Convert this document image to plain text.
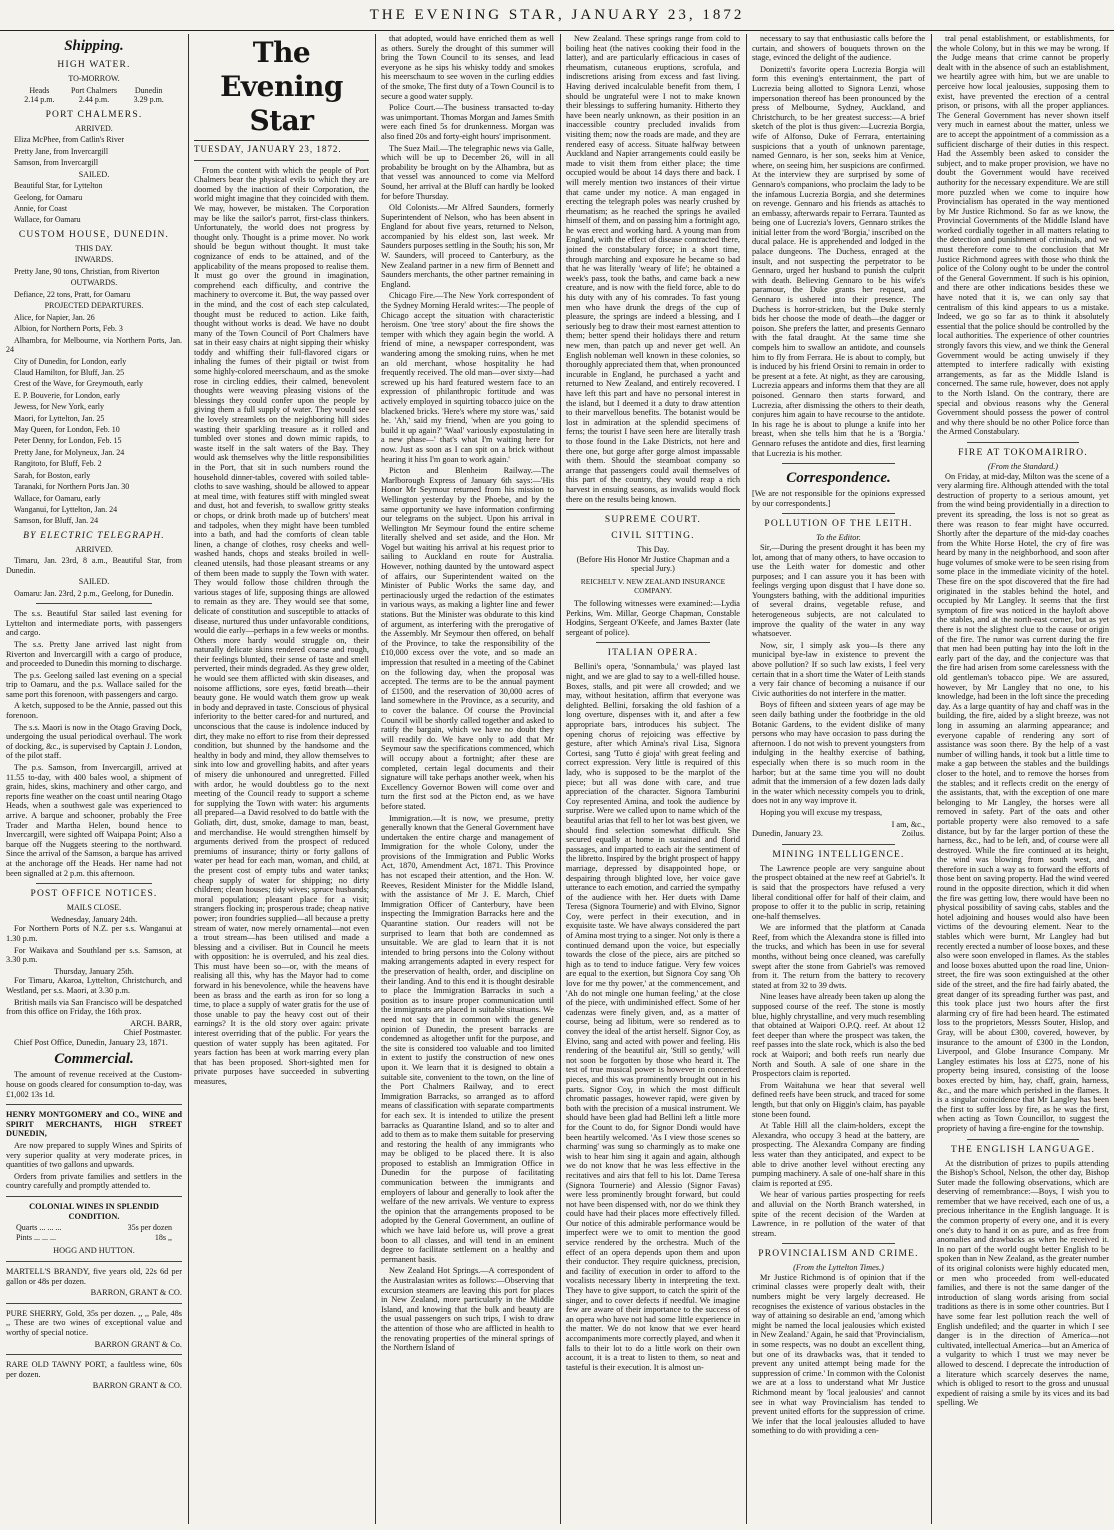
THE EVENING STAR, JANUARY 23, 1872
Shipping.
HIGH WATER.
TO-MORROW.
Heads
2.14 p.m.
Port Chalmers
2.44 p.m.
Dunedin
3.29 p.m.
PORT CHALMERS.
ARRIVED.

Eliza McPhee, from Catlin's River

Pretty Jane, from Invercargill

Samson, from Invercargill

SAILED.

Beautiful Star, for Lyttelton

Geelong, for Oamaru

Annie, for Coast

Wallace, for Oamaru

CUSTOM HOUSE, DUNEDIN.
THIS DAY.
INWARDS.

Pretty Jane, 90 tons, Christian, from Riverton

OUTWARDS.

Defiance, 22 tons, Pratt, for Oamaru

PROJECTED DEPARTURES.

Alice, for Napier, Jan. 26

Albion, for Northern Ports, Feb. 3

Alhambra, for Melbourne, via Northern Ports, Jan. 24

City of Dunedin, for London, early

Claud Hamilton, for Bluff, Jan. 25

Crest of the Wave, for Greymouth, early

E. P. Bouverie, for London, early

Jewess, for New York, early

Maori, for Lyttelton, Jan. 25

May Queen, for London, Feb. 10

Peter Denny, for London, Feb. 15

Pretty Jane, for Molyneux, Jan. 24

Rangitoto, for Bluff, Feb. 2

Sarah, for Boston, early

Taranaki, for Northern Ports Jan. 30

Wallace, for Oamaru, early

Wanganui, for Lyttelton, Jan. 24

Samson, for Bluff, Jan. 24

BY ELECTRIC TELEGRAPH.
ARRIVED.

Timaru, Jan. 23rd, 8 a.m., Beautiful Star, from Dunedin.

SAILED.

Oamaru: Jan. 23rd, 2 p.m., Geelong, for Dunedin.

The s.s. Beautiful Star sailed last evening for Lyttelton and intermediate ports, with passengers and cargo.

The s.s. Pretty Jane arrived last night from Riverton and Invercargill with a cargo of produce, and proceeded to Dunedin this morning to discharge.

The p.s. Geelong sailed last evening on a special trip to Oamaru, and the p.s. Wallace sailed for the same port this forenoon, with passengers and cargo.

A ketch, supposed to be the Annie, passed out this forenoon.

The s.s. Maori is now in the Otago Graving Dock, undergoing the usual periodical overhaul. The work of docking, &c., is supervised by Captain J. London, of the pilot staff.

The p.s. Samson, from Invercargill, arrived at 11.55 to-day, with 400 bales wool, a shipment of grain, hides, skins, machinery and other cargo, and reports fine weather on the coast until nearing Otago Heads, when a southwest gale was experienced to arrive. A barque and schooner, probably the Free Trader and Martha Helen, bound hence to Invercargill, were sighted off Waipapa Point; Also a barque off the Nuggets steering to the northward. Since the arrival of the Samson, a barque has arrived at the anchorage off the Heads. Her name had not been signalled at 2 p.m. this afternoon.

POST OFFICE NOTICES.
MAILS CLOSE.
Wednesday, January 24th.

For Northern Ports of N.Z. per s.s. Wanganui at 1.30 p.m.

For Waikava and Southland per s.s. Samson, at 3.30 p.m.

Thursday, January 25th.

For Timaru, Akaroa, Lyttelton, Christchurch, and Westland, per s.s. Maori, at 3.30 p.m.

British mails via San Francisco will be despatched from this office on Friday, the 16th prox.

ARCH. BARR,
Chief Postmaster.

Chief Post Office, Dunedin, January 23, 1871.

Commercial.

The amount of revenue received at the Custom-house on goods cleared for consumption to-day, was £1,002 13s 1d.

HENRY MONTGOMERY and CO., WINE and SPIRIT MERCHANTS, HIGH STREET DUNEDIN,

Are now prepared to supply Wines and Spirits of very superior quality at very moderate prices, in quantities of two gallons and upwards.

Orders from private families and settlers in the country carefully and promptly attended to.

COLONIAL WINES IN SPLENDID CONDITION.

Quarts ... ... ...	35s per dozen
Pints ... ... ...	18s ,,
HOGG AND HUTTON.

MARTELL'S BRANDY, five years old, 22s 6d per gallon or 48s per dozen.

BARRON, GRANT & CO.

PURE SHERRY, Gold, 35s per dozen. ,, ,, Pale, 48s ,, These are two wines of exceptional value and worthy of special notice.

BARRON GRANT & Co.

RARE OLD TAWNY PORT, a faultless wine, 60s per dozen.

BARRON GRANT & CO.
The Evening Star
TUESDAY, JANUARY 23, 1872.

From the content with which the people of Port Chalmers bear the physical evils to which they are doomed by the inaction of their Corporation, the world might imagine that they coincided with them. We may, however, be mistaken. The Corporation may be like the sailor's parrot, first-class thinkers. Unfortunately, the world does not progress by thought only. Thought is a prime mover. No work should be begun without thought. It must take cognizance of ends to be attained, and of the applicability of the means proposed to realise them. It must go over the ground in imagination, comprehend each difficulty, and contrive the machinery to overcome it. But, the way passed over in the mind, and the cost of each step calculated, thought must be reduced to action. Like faith, thought without works is dead. We have no doubt many of the Town Council of Port Chalmers have sat in their easy chairs at night sipping their whisky toddy and whiffing their full-flavored cigars or inhaling the fumes of their pigtail or twist from some highly-colored meerschaum, and as the smoke rose in circling eddies, their calmed, benevolent thoughts were weaving pleasing visions of the blessings they could confer upon the people by giving them a full supply of water. They would see the lovely streamlets on the neighboring hill sides wasting their sparkling treasure as it rolled and tumbled over stones and down mimic rapids, to waste itself in the salt waters of the Bay. They would ask themselves why the little responsibilities in the Port, that sit in such numbers round the household dinner-tables, covered with soiled table-cloths to save washing, should be allowed to appear at meal time, with features stiff with mingled sweat and dust, hot and feverish, to swallow gritty steaks or chops, or drink broth made up of butchers' meat and tadpoles, when they might have been tumbled into a bath, and had the comforts of clean table linen, a change of clothes, rosy cheeks and well-washed hands, chops and steaks broiled in well-cleaned utensils, had those pleasant streams or any of them been made to supply the Town with water. They would follow those children through the various stages of life, supposing things are allowed to remain as they are. They would see that some, delicate of constitution and susceptible to attacks of disease, nurtured thus under unfavorable conditions, would die early—perhaps in a few weeks or months. Others more hardy would struggle on, their naturally delicate skins rendered coarse and rough, their feelings blunted, their sense of taste and smell perverted, their minds degraded. As they grew older, he would see them afflicted with skin diseases, and noisome afflictions, sore eyes, fœtid breath—their beauty gone. He would watch them grow up weak in body and depraved in taste. Conscious of physical inferiority to the better cared-for and nurtured, and unconscious that the cause is indolence induced by dirt, they make no effort to rise from their depressed condition, but shunned by the handsome and the healthy in body and mind, they allow themselves to sink into low and grovelling habits, and after years of misery die unhonoured and unregretted. Filled with ardor, he would doubtless go to the next meeting of the Council ready to support a scheme for supplying the Town with water: his arguments all prepared—a David resolved to do battle with the Goliath, dirt, dust, smoke, damage to man, beast, and merchandise. He would strengthen himself by arguments derived from the prospect of reduced premiums of insurance; thirty or forty gallons of water per head for each man, woman, and child, at the present cost of empty tubs and water tanks; cheap supply of water for shipping; no dirty children; clean houses; tidy wives; spruce husbands; moral population; pleasant place for a visit; strangers flocking in; prosperous trade; cheap native power; iron foundries supplied—all because a pretty stream of water, now merely ornamental—not even a trout stream—has been utilised and made a blessing and a civiliser. But in Council he meets with opposition: he is overruled, and his zeal dies. This must have been so—or, with the means of realising all this, why has the Mayor had to come forward in his benevolence, while the heavens have been as brass and the earth as iron for so long a time, to place a supply of water gratis for the use of those unable to pay the heavy cost out of their earnings? It is the old story over again: private interest overriding that of the public. For years the question of water supply has been agitated. For years faction has been at work marring every plan that has been proposed. Short-sighted men for private purposes have succeeded in subverting measures,

that adopted, would have enriched them as well as others. Surely the drought of this summer will bring the Town Council to its senses, and lead everyone as he sips his whisky toddy and smokes his meerschaum to see woven in the curling eddies of the smoke, The first duty of a Town Council is to secure a good water supply.

Police Court.—The business transacted to-day was unimportant. Thomas Morgan and James Smith were each fined 5s for drunkenness. Morgan was also fined 20s and forty-eight hours' imprisonment.

The Suez Mail.—The telegraphic news via Galle, which will be up to December 26, will in all probability be brought on by the Alhambra, but as that vessel was announced to come via Melford Sound, her arrival at the Bluff can hardly be looked for before Thursday.

Old Colonists.—Mr Alfred Saunders, formerly Superintendent of Nelson, who has been absent in England for about five years, returned to Nelson, accompanied by his eldest son, last week. Mr Saunders purposes settling in the South; his son, Mr W. Saunders, will proceed to Canterbury, as the New Zealand partner in a new firm of Bennett and Saunders merchants, the other partner remaining in England.

Chicago Fire.—The New York correspondent of the Sydney Morning Herald writes:—The people of Chicago accept the situation with characteristic heroism. One 'tree story' about the fire shows the temper with which they again begin the world. A friend of mine, a newspaper correspondent, was wandering among the smoking ruins, when he met an old merchant, whose hospitality he had frequently received. The old man—over sixty—had screwed up his hard featured western face to an expression of philanthropic fortitude and was actively employed in squirting tobacco juice on the blackened bricks. 'Here's where my store was,' said he. 'Ah,' said my friend, 'when are you going to build it up again?' 'Waal' variously expostulating in a new phase—' that's what I'm waiting here for now. Just as soon as I can spit on a brick without hearing it hiss I'm goan to work again.'

Picton and Blenheim Railway.—The Marlborough Express of January 6th says:—'His Honor Mr Seymour returned from his mission to Wellington yesterday by the Phoebe, and by the same opportunity we have information confirming our telegrams on the subject. Upon his arrival in Wellington Mr Seymour found the entire scheme literally shelved and set aside, and the Hon. Mr Vogel but waiting his arrival at his request prior to sailing to Auckland en route for Australia. However, nothing daunted by the untoward aspect of affairs, our Superintendent waited on the Minister of Public Works the same day, and pertinaciously urged the redaction of the estimates in various ways, as making a lighter line and fewer stations. But the Minister was obdurate to this kind of argument, as interfering with the prerogative of the Assembly. Mr Seymour then offered, on behalf of the Province, to take the responsibility of the £10,000 excess over the vote, and so made an impression that resulted in a meeting of the Cabinet on the following day, when the proposal was accepted. The terms are to be the annual payment of £1500, and the reservation of 30,000 acres of land somewhere in the Province, as a security, and to cover the balance. Of course the Provincial Council will be shortly called together and asked to ratify the bargain, which we have no doubt they will readily do. We have only to add that Mr Seymour saw the specifications commenced, which will occupy about a fortnight; after these are completed, certain legal documents and their signature will take perhaps another week, when his Excellency Governor Bowen will come over and turn the first sod at the Picton end, as we have before stated.

Immigration.—It is now, we presume, pretty generally known that the General Government have undertaken the entire charge and management of Immigration for the whole Colony, under the provisions of the Immigration and Public Works Act, 1870, Amendment Act, 1871. This Province has not escaped their attention, and the Hon. W. Reeves, Resident Minister for the Middle Island, with the assistance of Mr J. E. March, Chief Immigration Officer of Canterbury, have been inspecting the Immigration Barracks here and the Quarantine station. Our readers will not be surprised to learn that both are condemned as unsuitable. We are glad to learn that it is not intended to bring persons into the Colony without making arrangements adapted in every respect for the preservation of health, order, and discipline on their landing. And to this end it is thought desirable to place the Immigration Barracks in such a position as to insure proper communication until the immigrants are placed in suitable situations. We need not say that in common with the general opinion of Dunedin, the present barracks are condemned as altogether unfit for the purpose, and the site is considered too valuable and too limited in extent to justify the construction of new ones upon it. We learn that it is designed to obtain a suitable site, convenient to the town, on the line of the Port Chalmers Railway, and to erect Immigration Barracks, so arranged as to afford means of classification with separate compartments for each sex. It is intended to utilize the present barracks as Quarantine Island, and so to alter and add to them as to make them suitable for preserving and restoring the health of any immigrants who may be obliged to be placed there. It is also proposed to establish an Immigration Office in Dunedin for the purpose of facilitating communication between the immigrants and employers of labour and generally to look after the welfare of the new arrivals. We venture to express the opinion that the arrangements proposed to be adopted by the General Government, an outline of which we have laid before us, will prove a great boon to all classes, and will tend in an eminent degree to facilitate settlement on a healthy and permanent basis.

New Zealand Hot Springs.—A correspondent of the Australasian writes as follows:—Observing that excursion steamers are leaving this port for places in New Zealand, more particularly in the Middle Island, and knowing that the bulk and beauty are the usual passengers on such trips, I wish to draw the attention of those who are afflicted in health to the renovating properties of the mineral springs of the Northern Island of

New Zealand. These springs range from cold to boiling heat (the natives cooking their food in the latter), and are particularly efficacious in cases of rheumatism, cutaneous eruptions, scrofula, and indiscretions arising from excess and fast living. Having derived incalculable benefit from them, I should be ungrateful were I not to make known their blessings to suffering humanity. Hitherto they have been nearly unknown, as their position in an inaccessible country precluded invalids from visiting them; now the roads are made, and they are rendered easy of access. Situate halfway between Auckland and Napier arrangements could easily be made to visit them from either place; the time occupied would be about 14 days there and back. I will merely mention two instances of their virtue that came under my notice. A man engaged in erecting the telegraph poles was nearly crushed by rheumatism; as he reached the springs he availed himself of them, and on passing him a fortnight ago, he was erect and working hard. A young man from England, with the effect of disease contracted there, joined the constabulary force; in a short time, through marching and exposure he became so bad that he was literally 'weary of life'; he obtained a week's pass, took the baths, and came back a new creature, and is now with the field force, able to do his duty with any of his comrades. To fast young men who have drunk the dregs of the cup of pleasure, the springs are indeed a blessing, and I seriously beg to draw their most earnest attention to them; better spend their holidays there and return new men, than patch up and never get well. An English nobleman well known in these colonies, so thoroughly appreciated them that, when pronounced incurable in England, he purchased a yacht and returned to New Zealand, and entirely recovered. I have left this part and have no personal interest in the island, but I deemed it a duty to draw attention to their marvellous benefits. The botanist would be lost in admiration at the splendid specimens of ferns; the tourist I have seen here are literally trash to those found in the Lake Districts, not here and there one, but gorge after gorge almost impassable with them. Should the steamboat company so arrange that passengers could avail themselves of this part of the country, they would reap a rich harvest in ensuing seasons, as invalids would flock there on the results being known.

SUPREME COURT.
CIVIL SITTING.
This Day.
(Before His Honor Mr Justice Chapman and a special Jury.)
REICHELT V. NEW ZEALAND INSURANCE COMPANY.

The following witnesses were examined:—Lydia Perkins, Wm. Millar, George Chapman, Constable Hodgins, Sergeant O'Keefe, and James Baxter (late sergeant of police).

ITALIAN OPERA.

Bellini's opera, 'Sonnambula,' was played last night, and we are glad to say to a well-filled house. Boxes, stalls, and pit were all crowded; and we may, without hesitation, affirm that everyone was delighted. Bellini, forsaking the old fashion of a long overture, dispenses with it, and after a few appropriate bars, introduces his subject. The opening chorus of rejoicing was effective by gesture, after which Amina's rival Lisa, Signora Cortesi, sang 'Tutto é gioja' with great feeling and correct expression. Very little is required of this lady, who is supposed to be the marplot of the piece; but all was done with care, and true appreciation of the character. Signora Tamburini Coy represented Amina, and took the audience by surprise. Were we called upon to name which of the beautiful arias that fell to her lot was best given, we should find selection somewhat difficult. She secured equally at home in sustained and florid passages, and imparted to each air the sentiment of the libretto. Inspired by the bright prospect of happy marriage, depressed by disappointed hope, or despairing through blighted love, her voice gave utterance to each emotion, and carried the sympathy of the audience with her. Her duets with Dame Teresa (Signora Tournerie) and with Elvino, Signor Coy, were perfect in their execution, and in exquisite taste. We have always considered the part of Amina most trying to a singer. Not only is there a continued demand upon the voice, but especially towards the close of the piece, airs are pitched so high as to tend to induce fatigue. Very few voices are equal to the exertion, but Signora Coy sang 'Oh love for me thy power,' at the commencement, and 'Ah do not mingle one human feeling,' at the close of the piece, with undiminished effect. Some of her cadenzas were finely given, and, as a matter of course, being ad libitum, were so rendered as to convey the ideal of the artist herself. Signor Coy, as Elvino, sang and acted with power and feeling. His rendering of the beautiful air, 'Still so gently,' will not soon be forgotten by those who heard it. The test of true musical power is however in concerted pieces, and this was prominently brought out in his parts. Signor Coy, in which the most difficult chromatic passages, however rapid, were given by both with the precision of a musical instrument. We should have been glad had Bellini left a little more for the Count to do, for Signor Dondi would have been heartily welcomed. 'As I view those scenes so charming' was sung so charmingly as to make one wish to hear him sing it again and again, although we do not know that he was less effective in the recitatives and airs that fell to his lot. Dame Teresa (Signora Tournerie) and Alessio (Signor Favas) were less prominently brought forward, but could not have been dispensed with, nor do we think they could have had their places more effectively filled. Our notice of this admirable performance would be imperfect were we to omit to mention the good service rendered by the orchestra. Much of the effect of an opera depends upon them and upon their conductor. They require quickness, precision, and facility of execution in order to afford to the vocalists necessary liberty in interpreting the text. They have to give support, to catch the spirit of the singer, and to cover defects if needful. We imagine few are aware of their importance to the success of an opera who have not had some little experience in the matter. We do not know that we ever heard accompaniments more correctly played, and when it falls to their lot to do a little work on their own account, it is a treat to listen to them, so neat and tasteful is their execution. It is almost un-

necessary to say that enthusiastic calls before the curtain, and showers of bouquets thrown on the stage, evinced the delight of the audience.

Donizetti's favorite opera Lucrezia Borgia will form this evening's entertainment, the part of Lucrezia being allotted to Signora Lenzi, whose impersonation thereof has been pronounced by the press of Melbourne, Sydney, Auckland, and Christchurch, to be her greatest success:—A brief sketch of the plot is thus given:—Lucrezia Borgia, wife of Alfonso, Duke of Ferrara, entertaining suspicions that a youth of unknown parentage, named Gennaro, is her son, seeks him at Venice, where, on seeing him, her suspicions are confirmed. At the interview they are surprised by some of Gennaro's companions, who proclaim the lady to be the infamous Lucrezia Borgia, and she determines on revenge. Gennaro and his friends as attachés to an embassy, afterwards repair to Ferrara. Taunted as being one of Lucrezia's lovers, Gennaro strikes the initial letter from the word 'Borgia,' inscribed on the ducal palace. He is apprehended and lodged in the palace dungeons. The Duchess, enraged at the insult, and not suspecting the perpetrator to be Gennaro, urged her husband to punish the culprit with death. Believing Gennaro to be his wife's paramour, the Duke grants her request, and Gennaro is ushered into their presence. The Duchess is horror-stricken, but the Duke sternly bids her choose the mode of death—the dagger or poison. She prefers the latter, and presents Gennaro with the fatal draught. At the same time she compels him to swallow an antidote, and counsels him to fly from Ferrara. He is about to comply, but is induced by his friend Orsini to remain in order to be present at a fete. At night, as they are carousing, Lucrezia appears and informs them that they are all poisoned. Gennaro then starts forward, and Lucrezia, after dismissing the others to their death, conjures him again to have recourse to the antidote. In his rage he is about to plunge a knife into her breast, when she tells him that he is a 'Borgia.' Gennaro refuses the antidote and dies, first learning that Lucrezia is his mother.

Correspondence.

[We are not responsible for the opinions expressed by our correspondents.]

POLLUTION OF THE LEITH.
To the Editor.

Sir,—During the present drought it has been my lot, among that of many others, to have occasion to use the Leith water for domestic and other purposes; and I can assure you it has been with feelings verging upon disgust that I have done so. Youngsters bathing, with the additional impurities of several drains, vegetable refuse, and heterogeneous subjects, are not calculated to improve the quality of the water in any way whatsoever.

Now, sir, I simply ask you—Is there any municipal bye-law in existence to prevent the above pollution? If so such law exists, I feel very certain that in a short time the Water of Leith stands a very fair chance of becoming a nuisance if our Civic authorities do not interfere in the matter.

Boys of fifteen and sixteen years of age may be seen daily bathing under the footbridge in the old Botanic Gardens, to the evident dislike of many persons who may have occasion to pass during the afternoon. I do not wish to prevent youngsters from indulging in the healthy exercise of bathing, especially when there is so much room in the harbor; but at the same time you will no doubt admit that the immersion of a few dozen lads daily in the water which necessity compels you to drink, does not in any way improve it.

Hoping you will excuse my trespass,

I am, &c.,
Dunedin, January 23.	Zoilus.
MINING INTELLIGENCE.

The Lawrence people are very sanguine about the prospect obtained at the new reef at Gabriel's. It is said that the prospectors have refused a very liberal conditional offer for half of their claim, and propose to offer it to the public in scrip, retaining one-half themselves.

We are informed that the platform at Canada Reef, from which the Alexandra stone is filled into the trucks, and which has been in use for several months, without being once cleaned, was carefully swept after the stone from Gabriel's was removed from it. The return from the battery to recovery stated at from 32 to 39 dwts.

Nine leases have already been taken up along the supposed course of the reef. The stone is mostly blue, highly chrystalline, and very much resembling that obtained at Waipori O.P.Q. reef. At about 12 feet deeper than where the prospect was taken, the reef passes into the slate rock, which is also the bed rock at Waipori; and both reefs run nearly due North and South. A sale of one share in the Prospectors claim is reported.

From Waitahuna we hear that several well defined reefs have been struck, and traced for some length, but that only on Higgin's claim, has payable stone been found.

At Table Hill all the claim-holders, except the Alexandra, who occupy 3 head at the battery, are prospecting. The Alexandra Company are finding less water than they anticipated, and expect to be able to drive another level without erecting any pumping machinery. A sale of one-half share in this claim is reported at £95.

We hear of various parties prospecting for reefs and alluvial on the North Branch watershed, in spite of the recent decision of the Warden at Lawrence, in re pollution of the water of that stream.

PROVINCIALISM AND CRIME.
(From the Lyttelton Times.)

Mr Justice Richmond is of opinion that if the criminal classes were properly dealt with, their numbers might be very largely decreased. He recognises the existence of various obstacles in the way of attaining so desirable an end, 'among which might be named the local jealousies which existed in New Zealand.' Again, he said that 'Provincialism, in some respects, was no doubt an excellent thing, but one of its drawbacks was, that it tended to prevent any united attempt being made for the suppression of crime.' In common with the Colonist we are at a loss to understand what Mr Justice Richmond meant by 'local jealousies' and cannot see in what way Provincialism has tended to prevent united efforts for the suppression of crime. We infer that the local jealousies alluded to have something to do with providing a cen-

tral penal establishment, or establishments, for the whole Colony, but in this we may be wrong. If the Judge means that crime cannot be properly dealt with in the absence of such an establishment, we heartily agree with him, but we are unable to perceive how local jealousies, supposing them to exist, have prevented the erection of a central prison, or prisons, with all the proper appliances. The General Government has never shown itself very much in earnest about the matter, unless we are to accept the appointment of a commission as a sufficient discharge of their duties in this respect. Had the Assembly been asked to consider the subject, and to make proper provision, we have no doubt the Government would have received authority for the necessary expenditure. We are still more puzzled when we come to inquire how Provincialism has operated in the way mentioned by Mr Justice Richmond. So far as we know, the Provincial Governments of the Middle Island have worked cordially together in all matters relating to the detection and punishment of criminals, and we must therefore come to the conclusion that Mr Justice Richmond agrees with those who think the police of the Colony ought to be under the control of the General Government. If such is his opinion, and there are other indications besides these we have noted that it is, we can only say that centralism of this kind appears to us a mistake. Indeed, we go so far as to think it absolutely essential that the police should be controlled by the local authorities. The experience of other countries strongly favors this view, and we think the General Government would be acting unwisely if they attempted to interfere radically with existing arrangements, as far as the Middle Island is concerned. The same rule, however, does not apply to the North Island. On the contrary, there are special and obvious reasons why the General Government should possess the power of control and why there should be no other Police force than the Armed Constabulary.

FIRE AT TOKOMAIRIRO.
(From the Standard.)

On Friday, at mid-day, Milton was the scene of a very alarming fire. Although attended with the total destruction of property to a serious amount, yet from the wind being providentially in a direction to prevent its spreading, the loss is not so great as there was reason to fear might have occurred. Shortly after the departure of the mid-day coaches from the White Horse Hotel, the cry of fire was heard by many in the neighborhood, and soon after huge volumes of smoke were to be seen rising from some place in the immediate vicinity of the hotel. These fire on the spot discovered that the fire had originated in the stables behind the hotel, and occupied by Mr Langley. It seems that the first symptom of fire was noticed in the hayloft above the stables, and at the north-east corner, but as yet there is not the slightest clue to the cause or origin of the fire. The rumor was current during the fire that men had been putting hay into the loft in the early part of the day, and the conjecture was that the fire had arisen from some carelessness with the old gentleman's tobacco pipe. We are assured, however, by Mr Langley that no one, to his knowledge, had been in the loft since the preceding day. As a large quantity of hay and chaff was in the building, the fire, aided by a slight breeze, was not long in assuming an alarming appearance; and everyone capable of rendering any sort of assistance was soon there. By the help of a vast number of willing hands, it took but a little time to make a gap between the stables and the buildings closer to the hotel, and to remove the horses from the stables; and it reflects credit on the energy of the assistants, that, with the exception of one mare belonging to Mr Langley, the horses were all removed in safety. Part of the oats and other portable property were also removed to a safe distance, but by far the larger portion of these the harness, &c., had to be left, and, of course were all destroyed. While the fire continued at its height, the wind was blowing from south west, and therefore in such a way as to forward the efforts of those bent on saving property. Had the wind veered round in the opposite direction, which it did when the fire was getting low, there would have been no physical possibility of saving cabs, stables and the hotel adjoining and houses would also have been victims of the devouring element. Near to the stables which were burnt, Mr Langley had but recently erected a number of loose boxes, and these also were soon enveloped in flames. As the stables and loose boxes abutted upon the road line, Union-street, the fire was soon extinguished at the other side of the street, and the fire had fairly abated, the great danger of its spreading further was past, and this took place just two hours after the first alarming cry of fire had been heard. The estimated loss to the proprietors, Messrs Souter, Hislop, and Gray, will be about £300, covered, however, by insurance to the amount of £300 in the London, Liverpool, and Globe Insurance Company. Mr Langley estimates his loss at £275, none of his property being insured, consisting of the loose boxes erected by him, hay, chaff, grain, harness, &c., and the mare which perished in the flames. It is a singular coincidence that Mr Langley has been the first to suffer loss by fire, as he was the first, when acting as Town Councillor, to suggest the propriety of having a fire-engine for the township.

THE ENGLISH LANGUAGE.

At the distribution of prizes to pupils attending the Bishop's School, Nelson, the other day, Bishop Suter made the following observations, which are deserving of remembrance:—Boys, I wish you to remember that we have received, each one of us, a precious inheritance in the English language. It is the common property of every one, and it is every one's duty to hand it on as pure, and as free from anomalies and drawbacks as when he received it. In no part of the world ought better English to be spoken than in New Zealand, as the greater number of its original colonists were highly educated men, or men who proceeded from well-educated families, and there is not the same danger of the introduction of slang words arising from social traditions as there is in some other countries. But I have some fear lest pollution reach the well of English undefiled; and the quarter in which I see danger is in the direction of America—not cultivated, intellectual America—but an America of a vulgarity to which I trust we may never be allowed to descend. I deprecate the introduction of a literature which scarcely deserves the name, which is obliged to resort to the gross and unusual expedient of raising a smile by its vices and its bad spelling. We
